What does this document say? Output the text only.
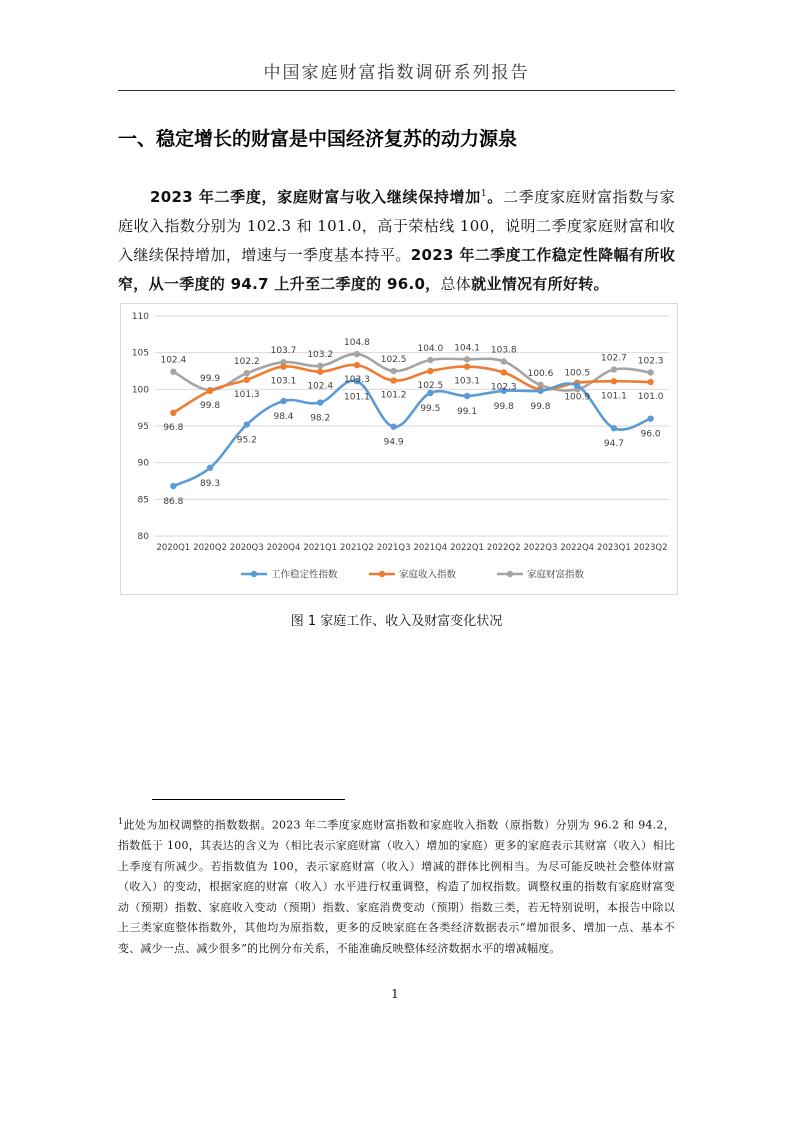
中国家庭财富指数调研系列报告
一、稳定增长的财富是中国经济复苏的动力源泉
2023 年二季度，家庭财富与收入继续保持增加$^1$。二季度家庭财富指数与家庭收入指数分别为 102.3 和 101.0，高于荣枯线 100，说明二季度家庭财富和收入继续保持增加，增速与一季度基本持平。2023 年二季度工作稳定性降幅有所收窄，从一季度的 94.7 上升至二季度的 96.0，总体就业情况有所好转。
80
85
90
95
100
105
110
2020Q1 2020Q2 2020Q3 2020Q4 2021Q1 2021Q2 2021Q3 2021Q4 2022Q1 2022Q2 2022Q3 2022Q4 2023Q1 2023Q2
86.8
89.3
95.2
98.4 98.2
101.1
94.9
99.5 99.1
99.8 99.8
100.5
94.7
96.0
96.8
99.8
101.3
103.1
102.4
103.3
101.2
102.5 103.1
102.3
100.9 101.1 101.0
102.4
99.9
102.2
103.7 103.2
104.8
102.5
104.0 104.1 103.8
100.6
102.7 102.3
工作稳定性指数	家庭收入指数	家庭财富指数
图 1 家庭工作、收入及财富变化状况
$^1$此处为加权调整的指数数据。2023 年二季度家庭财富指数和家庭收入指数（原指数）分别为 96.2 和 94.2，指数低于 100，其表达的含义为（相比表示家庭财富（收入）增加的家庭）更多的家庭表示其财富（收入）相比上季度有所减少。若指数值为 100，表示家庭财富（收入）增减的群体比例相当。为尽可能反映社会整体财富（收入）的变动，根据家庭的财富（收入）水平进行权重调整，构造了加权指数。调整权重的指数有家庭财富变动（预期）指数、家庭收入变动（预期）指数、家庭消费变动（预期）指数三类，若无特别说明，本报告中除以上三类家庭整体指数外，其他均为原指数，更多的反映家庭在各类经济数据表示“增加很多、增加一点、基本不变、减少一点、减少很多”的比例分布关系，不能准确反映整体经济数据水平的增减幅度。
1
